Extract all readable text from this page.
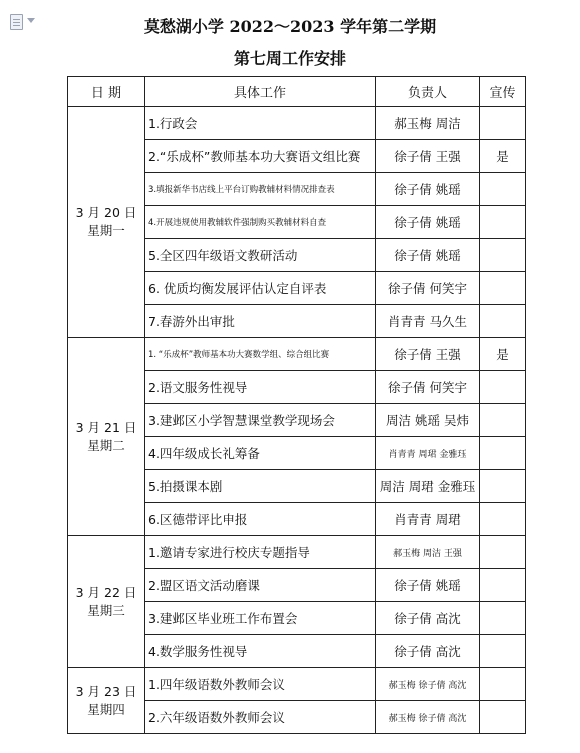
莫愁湖小学 2022～2023 学年第二学期
第七周工作安排
日 期	具体工作	负责人	宣传

3 月 20 日
星期一	1.行政会	郝玉梅 周洁	
	2.“乐成杯”教师基本功大赛语文组比赛	徐子倩 王强	是
	3.填报新华书店线上平台订购教辅材料情况排查表	徐子倩 姚瑶	
	4.开展违规使用教辅软件强制购买教辅材料自查	徐子倩 姚瑶	
	5.全区四年级语文教研活动	徐子倩 姚瑶	
	6. 优质均衡发展评估认定自评表	徐子倩 何笑宇	
	7.春游外出审批	肖青青 马久生	

3 月 21 日
星期二	1. “乐成杯”教师基本功大赛数学组、综合组比赛	徐子倩 王强	是
	2.语文服务性视导	徐子倩 何笑宇	
	3.建邺区小学智慧课堂教学现场会	周洁 姚瑶 吴炜	
	4.四年级成长礼筹备	肖青青 周珺 金雅珏	
	5.拍摄课本剧	周洁 周珺 金雅珏	
	6.区德带评比申报	肖青青 周珺	

3 月 22 日
星期三	1.邀请专家进行校庆专题指导	郝玉梅 周洁 王强	
	2.盟区语文活动磨课	徐子倩 姚瑶	
	3.建邺区毕业班工作布置会	徐子倩 高沈	
	4.数学服务性视导	徐子倩 高沈	

3 月 23 日
星期四	1.四年级语数外教师会议	郝玉梅 徐子倩 高沈	
	2.六年级语数外教师会议	郝玉梅 徐子倩 高沈	
